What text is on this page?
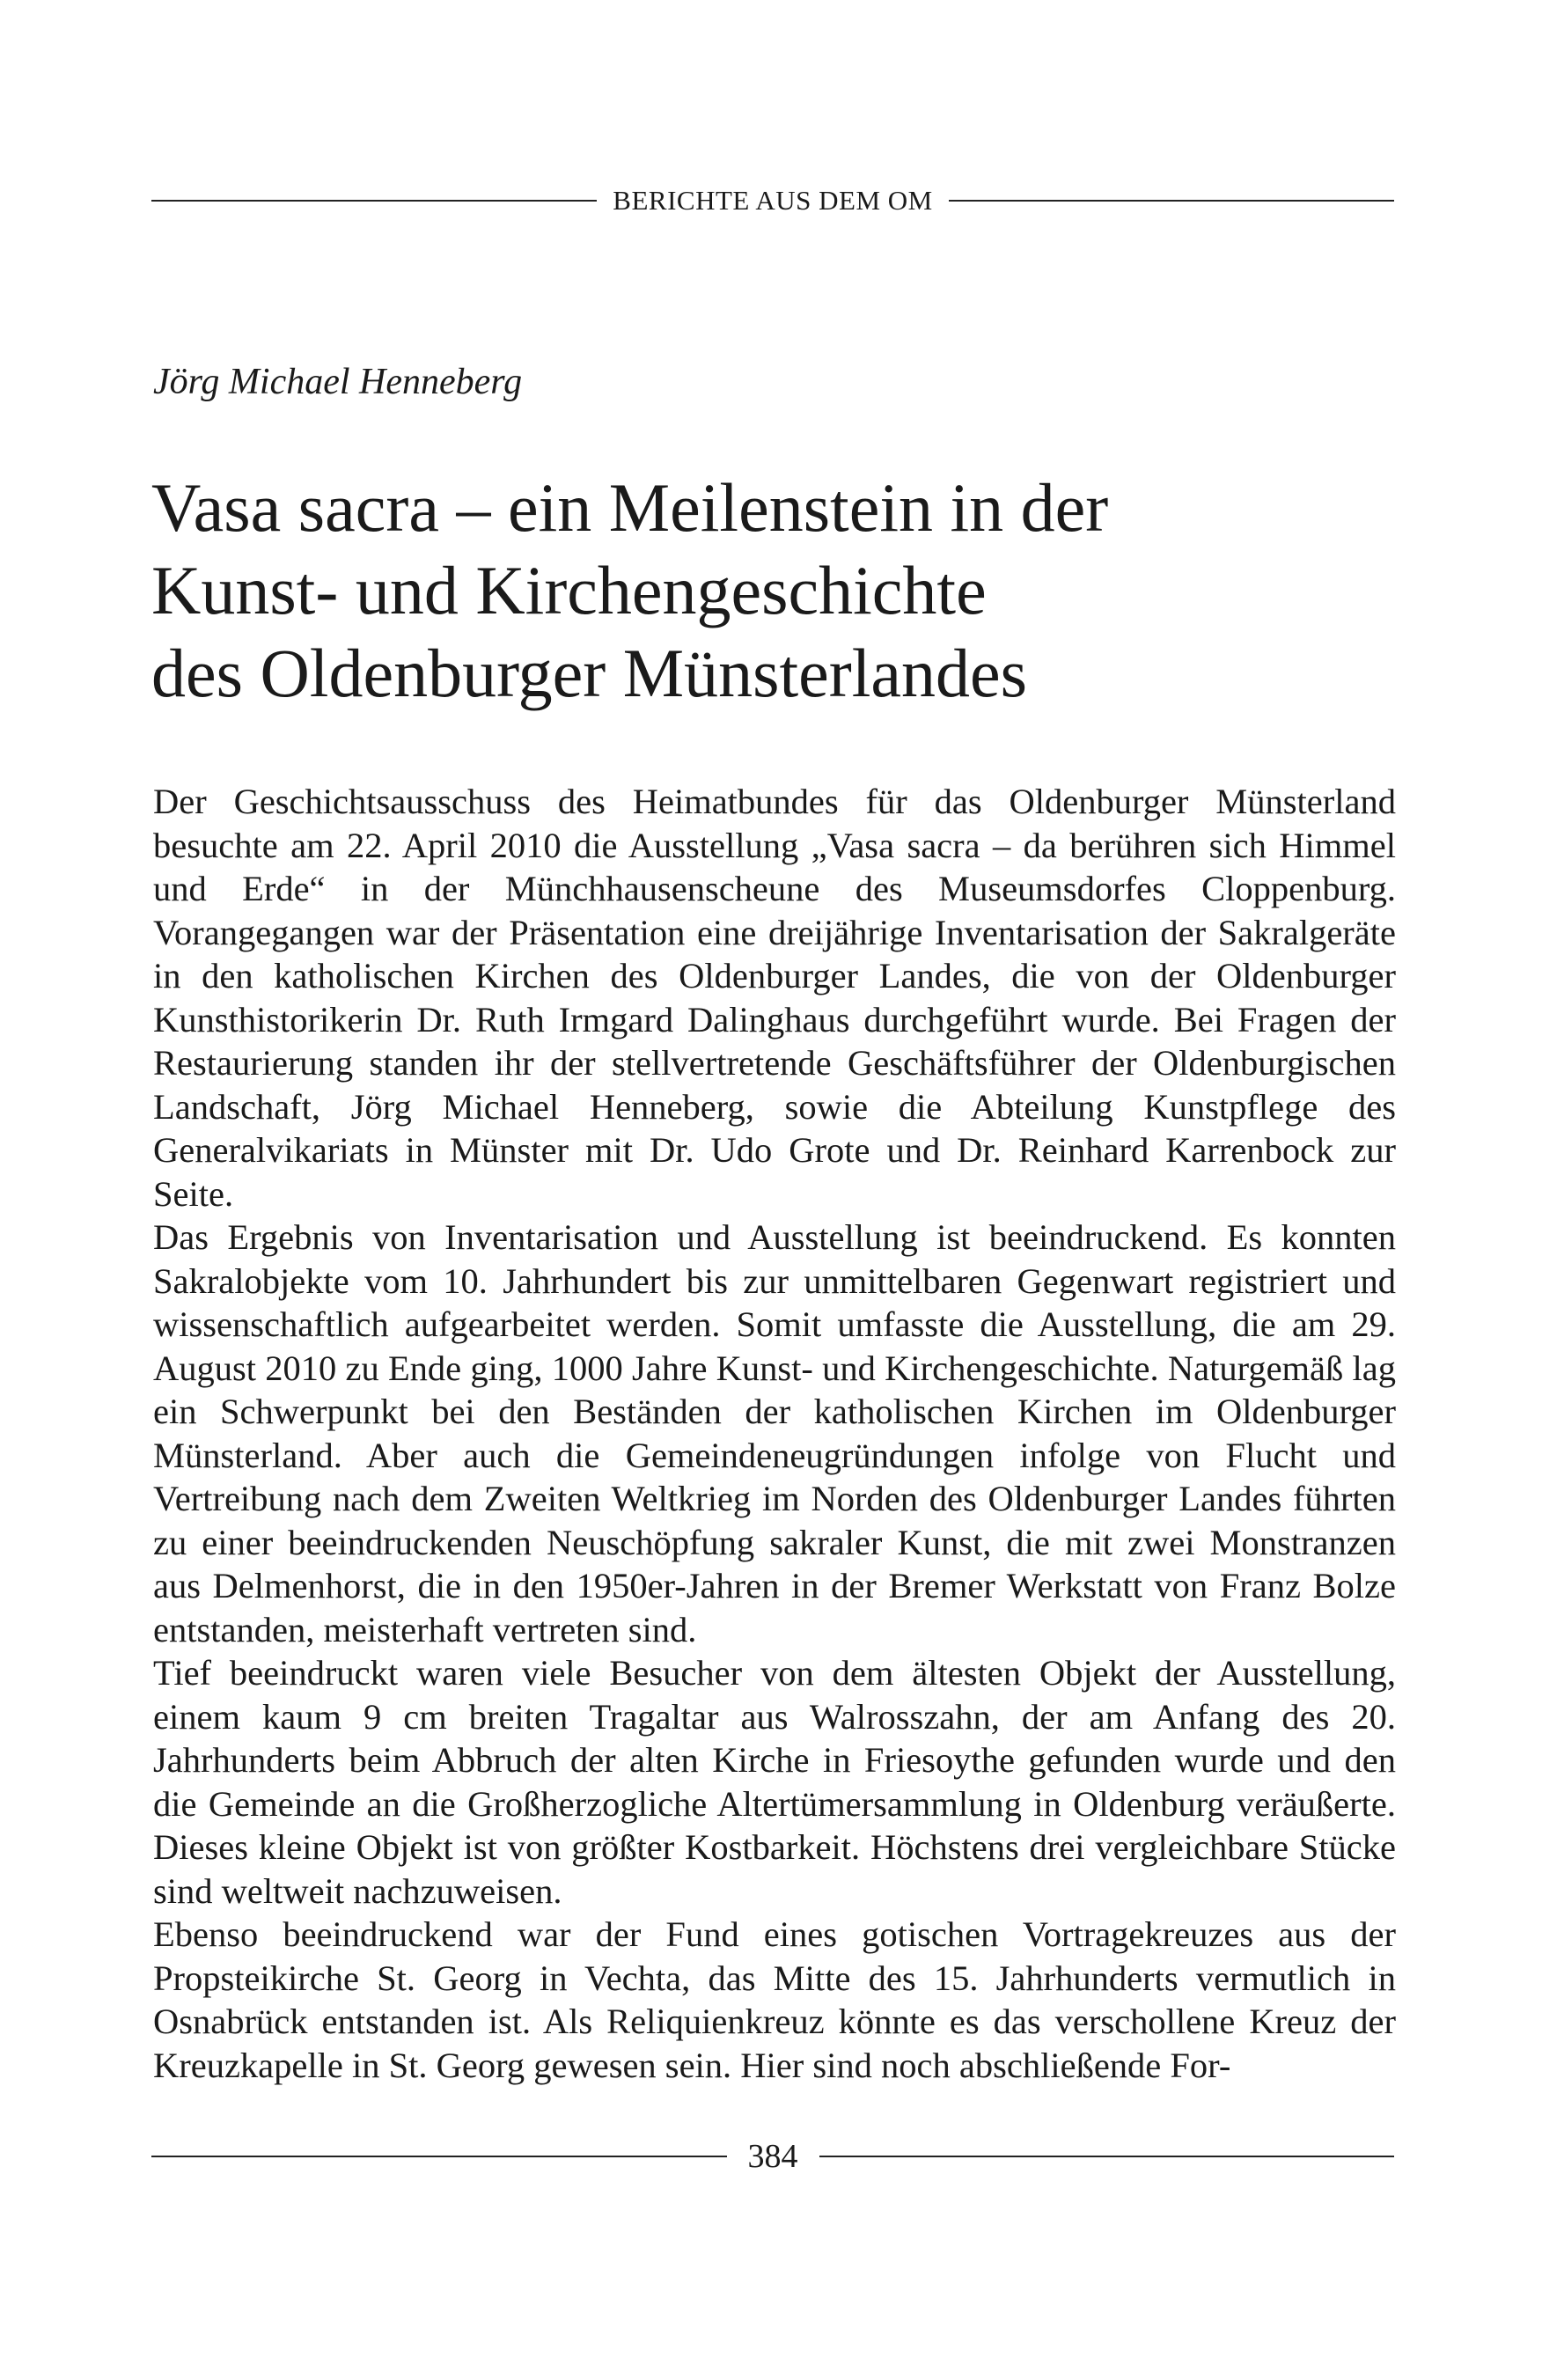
BERICHTE AUS DEM OM
Jörg Michael Henneberg
Vasa sacra – ein Meilenstein in der
Kunst- und Kirchengeschichte
des Oldenburger Münsterlandes

Der Geschichtsausschuss des Heimatbundes für das Oldenburger Münsterland besuchte am 22. April 2010 die Ausstellung „Vasa sacra – da berühren sich Himmel und Erde“ in der Münchhausenscheune des Museumsdorfes Cloppenburg. Vorangegangen war der Präsentation eine dreijährige Inventarisation der Sakralgeräte in den katholischen Kirchen des Oldenburger Landes, die von der Oldenburger Kunsthistorikerin Dr. Ruth Irmgard Dalinghaus durchgeführt wurde. Bei Fragen der Restaurierung standen ihr der stellvertretende Geschäftsführer der Oldenburgischen Landschaft, Jörg Michael Henneberg, sowie die Abteilung Kunstpflege des Generalvikariats in Münster mit Dr. Udo Grote und Dr. Reinhard Karrenbock zur Seite.

Das Ergebnis von Inventarisation und Ausstellung ist beeindruckend. Es konnten Sakralobjekte vom 10. Jahrhundert bis zur unmittelbaren Gegenwart registriert und wissenschaftlich aufgearbeitet werden. Somit umfasste die Ausstellung, die am 29. August 2010 zu Ende ging, 1000 Jahre Kunst- und Kirchengeschichte. Naturgemäß lag ein Schwerpunkt bei den Beständen der katholischen Kirchen im Oldenburger Münsterland. Aber auch die Gemeindeneugründungen infolge von Flucht und Vertreibung nach dem Zweiten Weltkrieg im Norden des Oldenburger Landes führten zu einer beeindruckenden Neuschöpfung sakraler Kunst, die mit zwei Monstranzen aus Delmenhorst, die in den 1950er-Jahren in der Bremer Werkstatt von Franz Bolze entstanden, meisterhaft vertreten sind.

Tief beeindruckt waren viele Besucher von dem ältesten Objekt der Ausstellung, einem kaum 9 cm breiten Tragaltar aus Walrosszahn, der am Anfang des 20. Jahrhunderts beim Abbruch der alten Kirche in Friesoythe gefunden wurde und den die Gemeinde an die Großherzogliche Altertümersammlung in Oldenburg veräußerte. Dieses kleine Objekt ist von größter Kostbarkeit. Höchstens drei vergleichbare Stücke sind weltweit nachzuweisen.

Ebenso beeindruckend war der Fund eines gotischen Vortragekreuzes aus der Propsteikirche St. Georg in Vechta, das Mitte des 15. Jahrhunderts vermutlich in Osnabrück entstanden ist. Als Reliquienkreuz könnte es das verschollene Kreuz der Kreuzkapelle in St. Georg gewesen sein. Hier sind noch abschließende For-

384
